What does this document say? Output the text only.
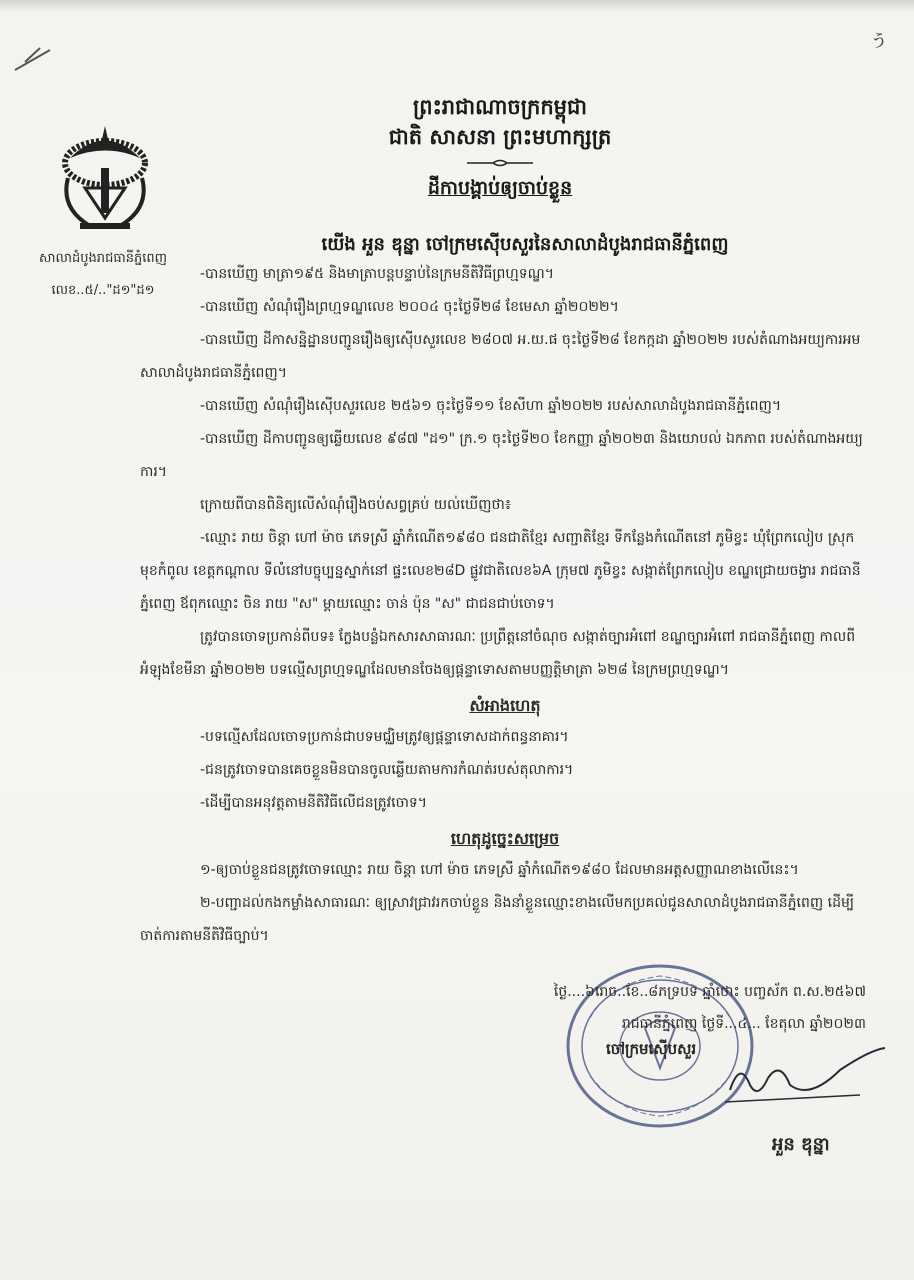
ぅ
សាលាដំបូងរាជធានីភ្នំពេញ
លេខ..៥/.."ដ១"ដ១
ព្រះរាជាណាចក្រកម្ពុជា
ជាតិ សាសនា ព្រះមហាក្សត្រ
ដីកាបង្គាប់ឲ្យចាប់ខ្លួន
យើង អួន ឌុន្នា ចៅក្រមស៊ើបសួរនៃសាលាដំបូងរាជធានីភ្នំពេញ

-បានឃើញ មាត្រា១៩៥ និងមាត្រាបន្តបន្ទាប់នៃក្រមនីតិវិធីព្រហ្មទណ្ឌ។

-បានឃើញ សំណុំរឿងព្រហ្មទណ្ឌលេខ ២០០៤ ចុះថ្ងៃទី២៨ ខែមេសា ឆ្នាំ២០២២។

-បានឃើញ ដីកាសន្និដ្ឋានបញ្ជូនរឿងឲ្យស៊ើបសួរលេខ ២៨០៧ អ.យ.ផ ចុះថ្ងៃទី២៨ ខែកក្កដា ឆ្នាំ២០២២ របស់តំណាងអយ្យការអមសាលាដំបូងរាជធានីភ្នំពេញ។

-បានឃើញ សំណុំរឿងស៊ើបសួរលេខ ២៥៦១ ចុះថ្ងៃទី១១ ខែសីហា ឆ្នាំ២០២២ របស់សាលាដំបូងរាជធានីភ្នំពេញ។

-បានឃើញ ដីកាបញ្ជូនឲ្យឆ្លើយលេខ ៩៨៧ "ដ១" ក្រ.១ ចុះថ្ងៃទី២០ ខែកញ្ញា ឆ្នាំ២០២៣ និងយោបល់ ឯកភាព របស់តំណាងអយ្យការ។

ក្រោយពីបានពិនិត្យលើសំណុំរឿងចប់សព្វគ្រប់ យល់ឃើញថា៖

-ឈ្មោះ រាយ ចិន្តា ហៅ ម៉ាច ភេទស្រី ឆ្នាំកំណើត១៩៨០ ជនជាតិខ្មែរ សញ្ជាតិខ្មែរ ទីកន្លែងកំណើតនៅ ភូមិខ្វះ ឃុំព្រែកលៀប ស្រុកមុខកំពូល ខេត្តកណ្តាល ទីលំនៅបច្ចុប្បន្នស្នាក់នៅ ផ្ទះលេខ២៨D ផ្លូវជាតិលេខ៦A ក្រុម៧ ភូមិខ្វះ សង្កាត់ព្រែកលៀប ខណ្ឌជ្រោយចង្វារ រាជធានីភ្នំពេញ ឪពុកឈ្មោះ ចិន រាយ "ស" ម្តាយឈ្មោះ ចាន់ ប៉ុន "ស" ជាជនជាប់ចោទ។

ត្រូវបានចោទប្រកាន់ពីបទ៖ ក្លែងបន្លំឯកសារសាធារណៈ ប្រព្រឹត្តនៅចំណុច សង្កាត់ច្បារអំពៅ ខណ្ឌច្បារអំពៅ រាជធានីភ្នំពេញ កាលពីអំឡុងខែមីនា ឆ្នាំ២០២២ បទល្មើសព្រហ្មទណ្ឌដែលមានចែងឲ្យផ្តន្ទាទោសតាមបញ្ញត្តិមាត្រា ៦២៨ នៃក្រមព្រហ្មទណ្ឌ។

សំអាងហេតុ

-បទល្មើសដែលចោទប្រកាន់ជាបទមជ្ឈិមត្រូវឲ្យផ្តន្ទាទោសដាក់ពន្ធនាគារ។

-ជនត្រូវចោទបានគេចខ្លួនមិនបានចូលឆ្លើយតាមការកំណត់របស់តុលាការ។

-ដើម្បីបានអនុវត្តតាមនីតិវិធីលើជនត្រូវចោទ។

ហេតុដូច្នេះសម្រេច

១-ឲ្យចាប់ខ្លួនជនត្រូវចោទឈ្មោះ រាយ ចិន្តា ហៅ ម៉ាច ភេទស្រី ឆ្នាំកំណើត១៩៨០ ដែលមានអត្តសញ្ញាណខាងលើនេះ។

២-បញ្ជាដល់កងកម្លាំងសាធារណៈ ឲ្យស្រាវជ្រាវរកចាប់ខ្លួន និងនាំខ្លួនឈ្មោះខាងលើមកប្រគល់ជូនសាលាដំបូងរាជធានីភ្នំពេញ ដើម្បីចាត់ការតាមនីតិវិធីច្បាប់។

ថ្ងៃ....៦រោច..ខែ..៨ភទ្របទ ឆ្នាំថោះ បញ្ចស័ក ព.ស.២៥៦៧
រាជធានីភ្នំពេញ ថ្ងៃទី...៤... ខែតុលា ឆ្នាំ២០២៣
ចៅក្រមស៊ើបសួរ
អួន ឌុន្នា
